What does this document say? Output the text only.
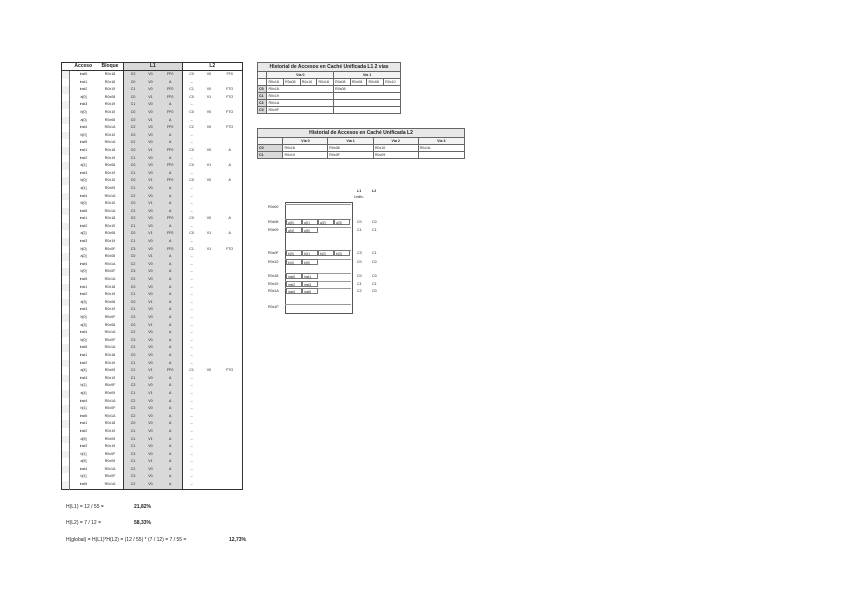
	Acceso	Bloque	L1			L2		
	inst0	R0x18	C0	V0	FF0	C0	V0	FF0
	inst1	R0x18	C0	V0	A	--		
	inst2	R0x19	C1	V0	FF0	C1	V0	FTO
	a[0]	R0x08	C0	V1	FF0	C0	V1	FTO
	inst3	R0x19	C1	V0	A	--		
	b[0]	R0x10	C0	V0	FF0	C0	V0	FTO
	a[0]	R0x08	C0	V1	A	--		
	inst4	R0x1A	C2	V0	FF0	C2	V0	FTO
	b[0]	R0x10	C0	V0	A	--		
	inst5	R0x1A	C2	V0	A	--		
	inst1	R0x18	C0	V1	FF0	C0	V0	A
	inst2	R0x19	C1	V0	A	--		
	a[1]	R0x08	C0	V0	FF0	C0	V1	A
	inst3	R0x19	C1	V0	A	--		
	b[0]	R0x10	C0	V1	FF0	C0	V0	A
	a[1]	R0x09	C1	V0	A	--		
	inst4	R0x1A	C2	V0	A	--		
	b[0]	R0x10	C0	V1	A	--		
	inst5	R0x1A	C2	V0	A	--		
	inst1	R0x18	C0	V0	FF0	C0	V0	A
	inst2	R0x19	C1	V0	A	--		
	a[2]	R0x08	C0	V1	FF0	C0	V1	A
	inst3	R0x19	C1	V0	A	--		
	b[0]	R0x0F	C3	V0	FF0	C1	V1	FTO
	a[2]	R0x08	C0	V1	A	--		
	inst4	R0x1A	C2	V0	A	--		
	b[0]	R0x0F	C3	V0	A	--		
	inst5	R0x1A	C2	V0	A	--		
	inst1	R0x18	C0	V0	A	--		
	inst2	R0x19	C1	V0	A	--		
	a[3]	R0x08	C0	V1	A	--		
	inst3	R0x19	C1	V0	A	--		
	b[0]	R0x0F	C3	V0	A	--		
	a[3]	R0x08	C0	V1	A	--		
	inst4	R0x1A	C2	V0	A	--		
	b[0]	R0x0F	C3	V0	A	--		
	inst5	R0x1A	C2	V0	A	--		
	inst1	R0x18	C0	V0	A	--		
	inst2	R0x19	C1	V0	A	--		
	a[4]	R0x09	C1	V1	FF0	C1	V0	FTO
	inst3	R0x19	C1	V0	A	--		
	b[1]	R0x0F	C3	V0	A	--		
	a[4]	R0x09	C1	V1	A	--		
	inst4	R0x1A	C2	V0	A	--		
	b[1]	R0x0F	C3	V0	A	--		
	inst5	R0x1A	C2	V0	A	--		
	inst1	R0x18	C0	V0	A	--		
	inst2	R0x19	C1	V0	A	--		
	a[5]	R0x09	C1	V1	A	--		
	inst3	R0x19	C1	V0	A	--		
	b[1]	R0x0F	C3	V0	A	--		
	a[5]	R0x09	C1	V1	A	--		
	inst4	R0x1A	C2	V0	A	--		
	b[1]	R0x0F	C3	V0	A	--		
	inst5	R0x1A	C2	V0	A	--		
Historial de Accesos en Caché Unificada L1 2 vías								
	Vía 0				Vía 1			
	R0x18	R0x08	R0x10	R0x18	R0x08	R0x08	R0x08	R0x10
C0	R0x18				R0x08			
C1	R0x19							
C2	R0x1A							
C3	R0x0F							
Historial de Accesos en Caché Unificada L2				
	Vía 0	Vía 1	Vía 2	Vía 3
C0	R0x18	R0x08	R0x10	R0x1A
C1	R0x19	R0x0F	R0x09	
L1	L2
Unific.
R0x00
R0x08	a[0]	a[1]	a[2]	a[3]	C0	C0
R0x09	a[4]	a[5]	C1	C1
R0x0F	b[0]	b[1]	b[2]	b[3]	C3	C1
R0x10	b[4]	b[5]	C0	C0
R0x18	inst0	inst1	C0	C0
R0x19	inst2	inst3	C1	C1
R0x1A	inst4	inst5	C2	C0
R0x1F
H(L1) = 12 / 55 =	21,82%
H(L2) = 7 / 12 =	58,33%
H(global) = H(L1)*H(L2) = (12 / 55) * (7 / 12) = 7 / 55 =	12,73%
